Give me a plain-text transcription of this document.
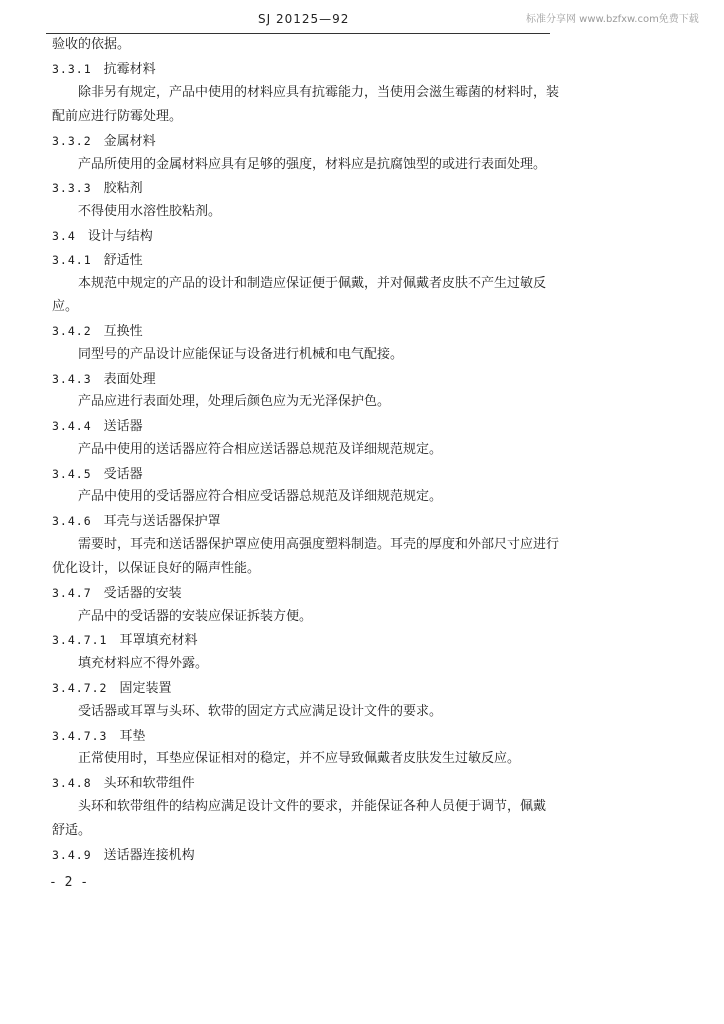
SJ 20125—92	标准分享网 www.bzfxw.com免费下载
验收的依据。
3.3.1 抗霉材料
除非另有规定，产品中使用的材料应具有抗霉能力，当使用会滋生霉菌的材料时，装
配前应进行防霉处理。
3.3.2 金属材料
产品所使用的金属材料应具有足够的强度，材料应是抗腐蚀型的或进行表面处理。
3.3.3 胶粘剂
不得使用水溶性胶粘剂。
3.4 设计与结构
3.4.1 舒适性
本规范中规定的产品的设计和制造应保证便于佩戴，并对佩戴者皮肤不产生过敏反
应。
3.4.2 互换性
同型号的产品设计应能保证与设备进行机械和电气配接。
3.4.3 表面处理
产品应进行表面处理，处理后颜色应为无光泽保护色。
3.4.4 送话器
产品中使用的送话器应符合相应送话器总规范及详细规范规定。
3.4.5 受话器
产品中使用的受话器应符合相应受话器总规范及详细规范规定。
3.4.6 耳壳与送话器保护罩
需要时，耳壳和送话器保护罩应使用高强度塑料制造。耳壳的厚度和外部尺寸应进行
优化设计，以保证良好的隔声性能。
3.4.7 受话器的安装
产品中的受话器的安装应保证拆装方便。
3.4.7.1 耳罩填充材料
填充材料应不得外露。
3.4.7.2 固定装置
受话器或耳罩与头环、软带的固定方式应满足设计文件的要求。
3.4.7.3 耳垫
正常使用时，耳垫应保证相对的稳定，并不应导致佩戴者皮肤发生过敏反应。
3.4.8 头环和软带组件
头环和软带组件的结构应满足设计文件的要求，并能保证各种人员便于调节，佩戴
舒适。
3.4.9 送话器连接机构
- 2 -
